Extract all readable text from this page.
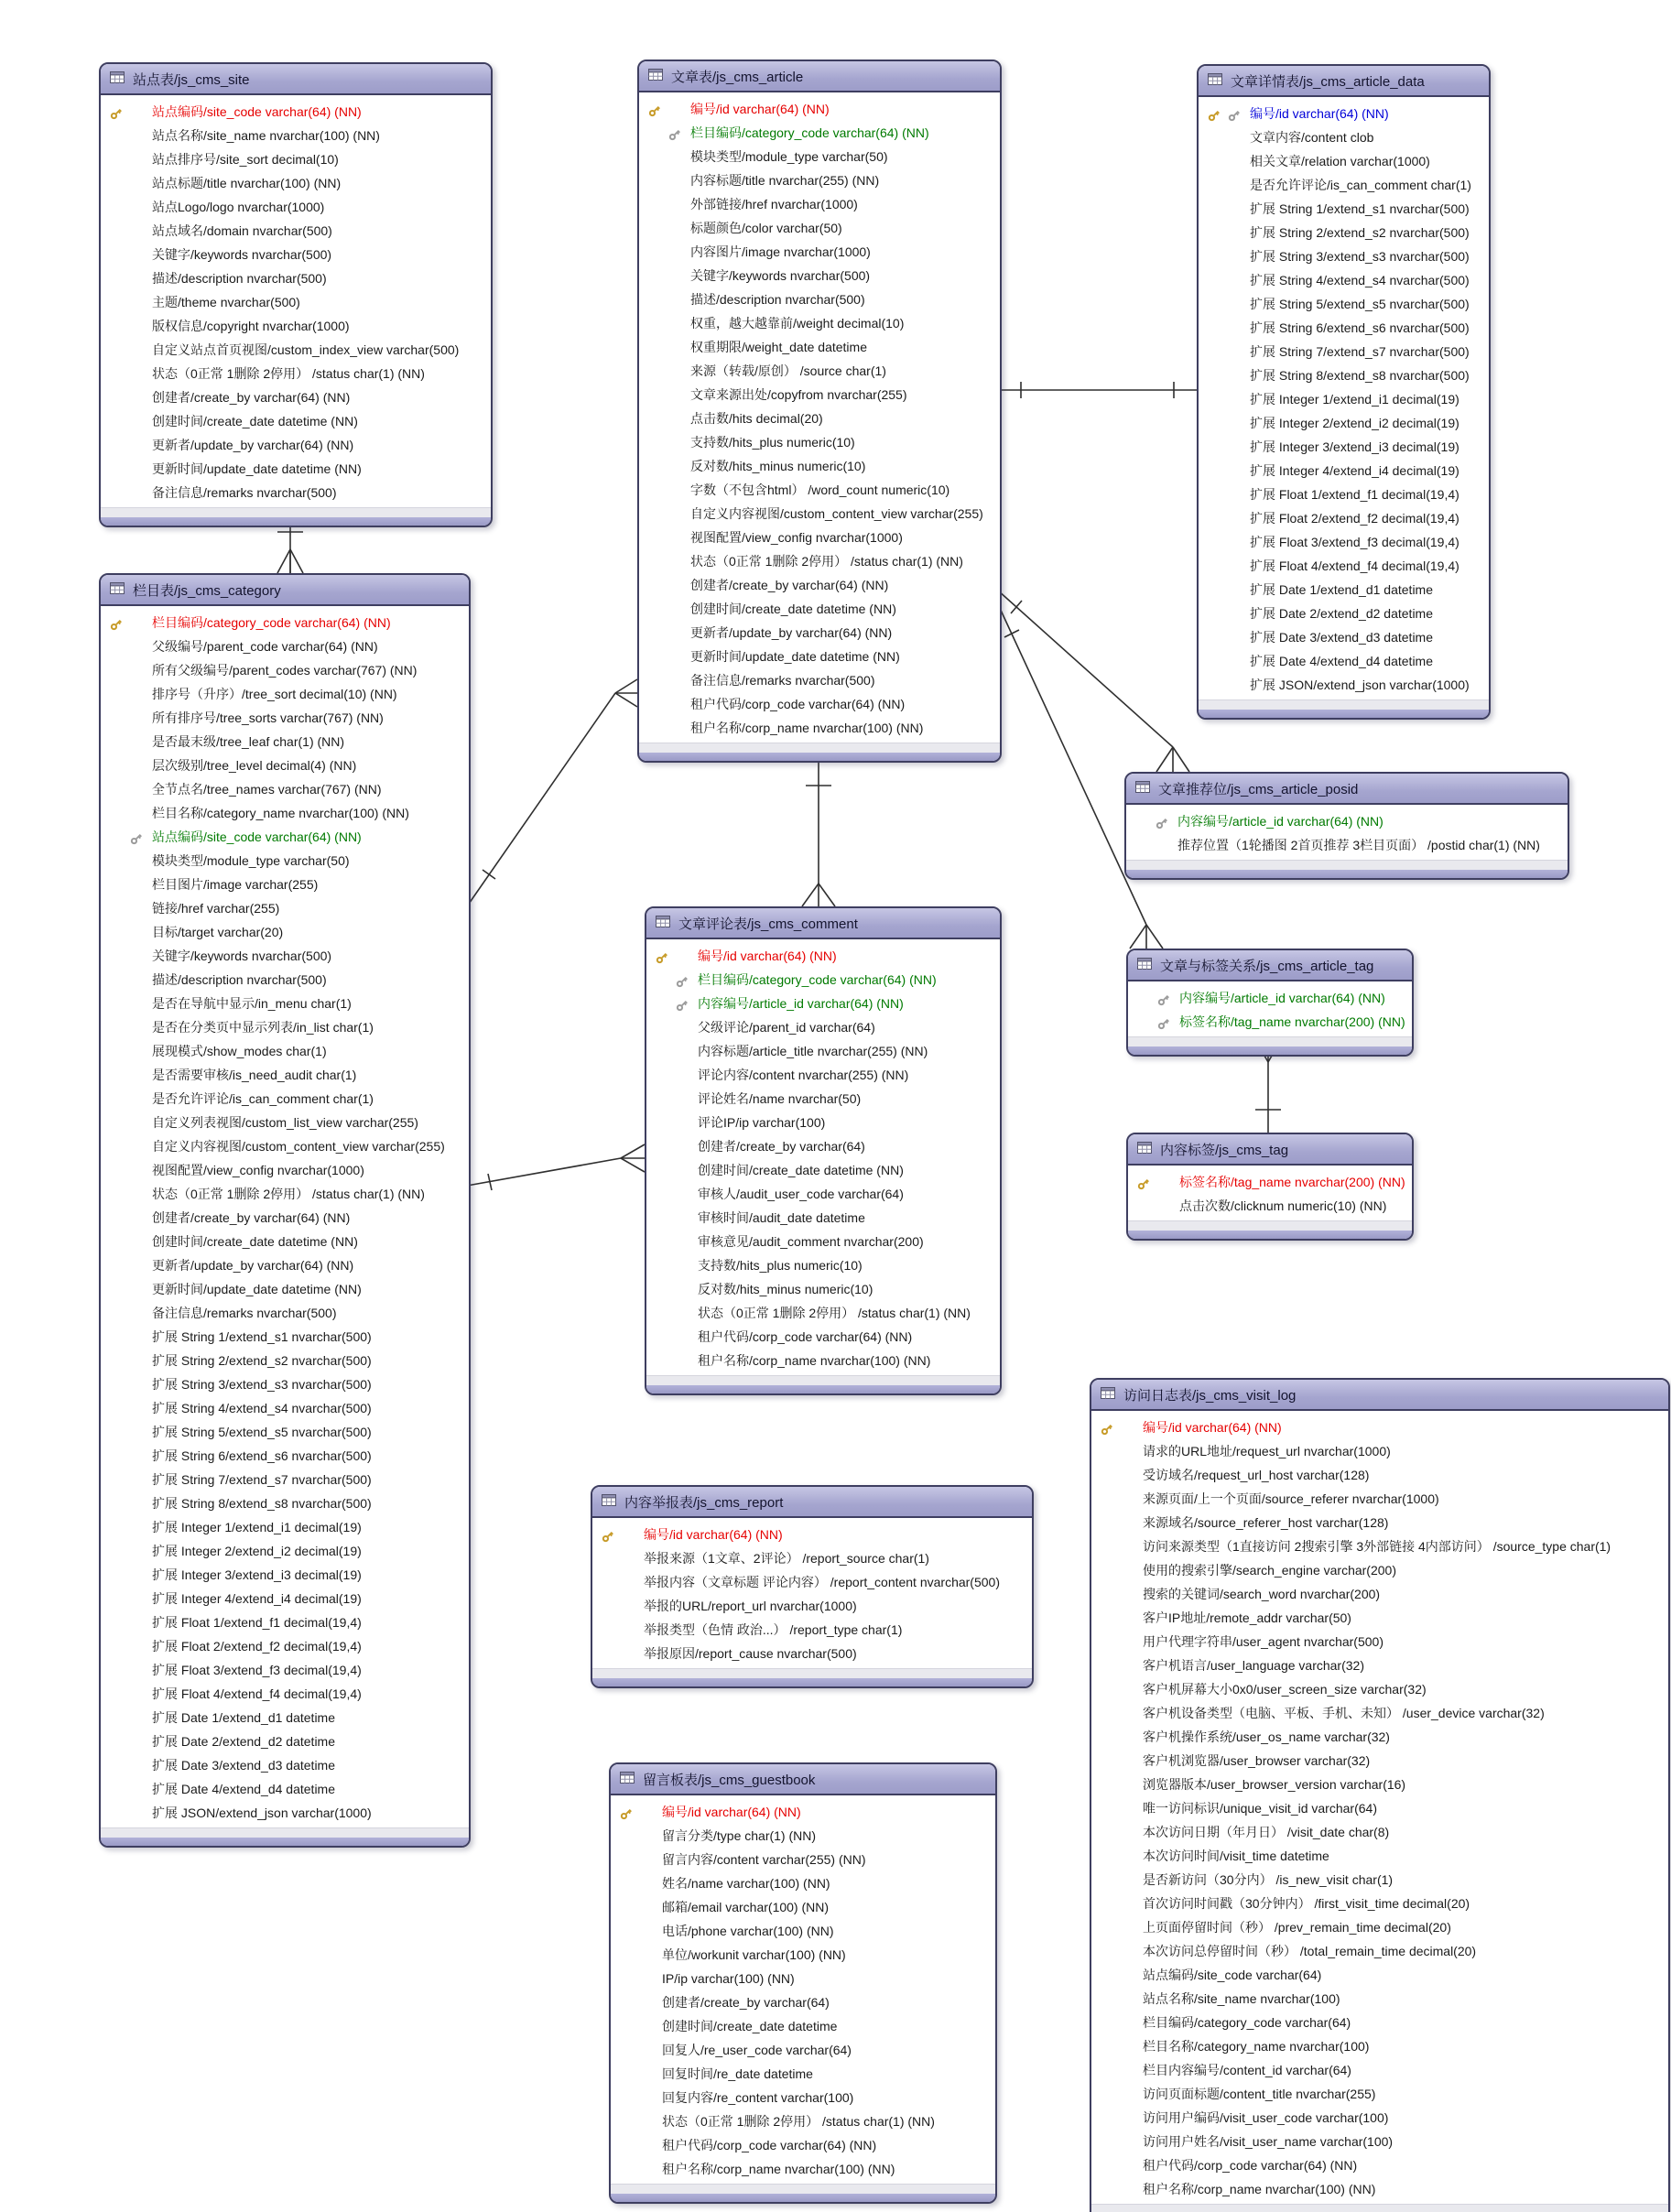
站点表/js_cms_site
站点编码/site_code varchar(64) (NN)
站点名称/site_name nvarchar(100) (NN)
站点排序号/site_sort decimal(10)
站点标题/title nvarchar(100) (NN)
站点Logo/logo nvarchar(1000)
站点域名/domain nvarchar(500)
关键字/keywords nvarchar(500)
描述/description nvarchar(500)
主题/theme nvarchar(500)
版权信息/copyright nvarchar(1000)
自定义站点首页视图/custom_index_view varchar(500)
状态（0正常 1删除 2停用） /status char(1) (NN)
创建者/create_by varchar(64) (NN)
创建时间/create_date datetime (NN)
更新者/update_by varchar(64) (NN)
更新时间/update_date datetime (NN)
备注信息/remarks nvarchar(500)
栏目表/js_cms_category
栏目编码/category_code varchar(64) (NN)
父级编号/parent_code varchar(64) (NN)
所有父级编号/parent_codes varchar(767) (NN)
排序号（升序）/tree_sort decimal(10) (NN)
所有排序号/tree_sorts varchar(767) (NN)
是否最末级/tree_leaf char(1) (NN)
层次级别/tree_level decimal(4) (NN)
全节点名/tree_names varchar(767) (NN)
栏目名称/category_name nvarchar(100) (NN)
站点编码/site_code varchar(64) (NN)
模块类型/module_type varchar(50)
栏目图片/image varchar(255)
链接/href varchar(255)
目标/target varchar(20)
关键字/keywords nvarchar(500)
描述/description nvarchar(500)
是否在导航中显示/in_menu char(1)
是否在分类页中显示列表/in_list char(1)
展现模式/show_modes char(1)
是否需要审核/is_need_audit char(1)
是否允许评论/is_can_comment char(1)
自定义列表视图/custom_list_view varchar(255)
自定义内容视图/custom_content_view varchar(255)
视图配置/view_config nvarchar(1000)
状态（0正常 1删除 2停用） /status char(1) (NN)
创建者/create_by varchar(64) (NN)
创建时间/create_date datetime (NN)
更新者/update_by varchar(64) (NN)
更新时间/update_date datetime (NN)
备注信息/remarks nvarchar(500)
扩展 String 1/extend_s1 nvarchar(500)
扩展 String 2/extend_s2 nvarchar(500)
扩展 String 3/extend_s3 nvarchar(500)
扩展 String 4/extend_s4 nvarchar(500)
扩展 String 5/extend_s5 nvarchar(500)
扩展 String 6/extend_s6 nvarchar(500)
扩展 String 7/extend_s7 nvarchar(500)
扩展 String 8/extend_s8 nvarchar(500)
扩展 Integer 1/extend_i1 decimal(19)
扩展 Integer 2/extend_i2 decimal(19)
扩展 Integer 3/extend_i3 decimal(19)
扩展 Integer 4/extend_i4 decimal(19)
扩展 Float 1/extend_f1 decimal(19,4)
扩展 Float 2/extend_f2 decimal(19,4)
扩展 Float 3/extend_f3 decimal(19,4)
扩展 Float 4/extend_f4 decimal(19,4)
扩展 Date 1/extend_d1 datetime
扩展 Date 2/extend_d2 datetime
扩展 Date 3/extend_d3 datetime
扩展 Date 4/extend_d4 datetime
扩展 JSON/extend_json varchar(1000)
文章表/js_cms_article
编号/id varchar(64) (NN)
栏目编码/category_code varchar(64) (NN)
模块类型/module_type varchar(50)
内容标题/title nvarchar(255) (NN)
外部链接/href nvarchar(1000)
标题颜色/color varchar(50)
内容图片/image nvarchar(1000)
关键字/keywords nvarchar(500)
描述/description nvarchar(500)
权重，越大越靠前/weight decimal(10)
权重期限/weight_date datetime
来源（转载/原创） /source char(1)
文章来源出处/copyfrom nvarchar(255)
点击数/hits decimal(20)
支持数/hits_plus numeric(10)
反对数/hits_minus numeric(10)
字数（不包含html） /word_count numeric(10)
自定义内容视图/custom_content_view varchar(255)
视图配置/view_config nvarchar(1000)
状态（0正常 1删除 2停用） /status char(1) (NN)
创建者/create_by varchar(64) (NN)
创建时间/create_date datetime (NN)
更新者/update_by varchar(64) (NN)
更新时间/update_date datetime (NN)
备注信息/remarks nvarchar(500)
租户代码/corp_code varchar(64) (NN)
租户名称/corp_name nvarchar(100) (NN)
文章详情表/js_cms_article_data
编号/id varchar(64) (NN)
文章内容/content clob
相关文章/relation varchar(1000)
是否允许评论/is_can_comment char(1)
扩展 String 1/extend_s1 nvarchar(500)
扩展 String 2/extend_s2 nvarchar(500)
扩展 String 3/extend_s3 nvarchar(500)
扩展 String 4/extend_s4 nvarchar(500)
扩展 String 5/extend_s5 nvarchar(500)
扩展 String 6/extend_s6 nvarchar(500)
扩展 String 7/extend_s7 nvarchar(500)
扩展 String 8/extend_s8 nvarchar(500)
扩展 Integer 1/extend_i1 decimal(19)
扩展 Integer 2/extend_i2 decimal(19)
扩展 Integer 3/extend_i3 decimal(19)
扩展 Integer 4/extend_i4 decimal(19)
扩展 Float 1/extend_f1 decimal(19,4)
扩展 Float 2/extend_f2 decimal(19,4)
扩展 Float 3/extend_f3 decimal(19,4)
扩展 Float 4/extend_f4 decimal(19,4)
扩展 Date 1/extend_d1 datetime
扩展 Date 2/extend_d2 datetime
扩展 Date 3/extend_d3 datetime
扩展 Date 4/extend_d4 datetime
扩展 JSON/extend_json varchar(1000)
文章推荐位/js_cms_article_posid
内容编号/article_id varchar(64) (NN)
推荐位置（1轮播图 2首页推荐 3栏目页面） /postid char(1) (NN)
文章与标签关系/js_cms_article_tag
内容编号/article_id varchar(64) (NN)
标签名称/tag_name nvarchar(200) (NN)
内容标签/js_cms_tag
标签名称/tag_name nvarchar(200) (NN)
点击次数/clicknum numeric(10) (NN)
文章评论表/js_cms_comment
编号/id varchar(64) (NN)
栏目编码/category_code varchar(64) (NN)
内容编号/article_id varchar(64) (NN)
父级评论/parent_id varchar(64)
内容标题/article_title nvarchar(255) (NN)
评论内容/content nvarchar(255) (NN)
评论姓名/name nvarchar(50)
评论IP/ip varchar(100)
创建者/create_by varchar(64)
创建时间/create_date datetime (NN)
审核人/audit_user_code varchar(64)
审核时间/audit_date datetime
审核意见/audit_comment nvarchar(200)
支持数/hits_plus numeric(10)
反对数/hits_minus numeric(10)
状态（0正常 1删除 2停用） /status char(1) (NN)
租户代码/corp_code varchar(64) (NN)
租户名称/corp_name nvarchar(100) (NN)
内容举报表/js_cms_report
编号/id varchar(64) (NN)
举报来源（1文章、2评论） /report_source char(1)
举报内容（文章标题 评论内容） /report_content nvarchar(500)
举报的URL/report_url nvarchar(1000)
举报类型（色情 政治...） /report_type char(1)
举报原因/report_cause nvarchar(500)
留言板表/js_cms_guestbook
编号/id varchar(64) (NN)
留言分类/type char(1) (NN)
留言内容/content varchar(255) (NN)
姓名/name varchar(100) (NN)
邮箱/email varchar(100) (NN)
电话/phone varchar(100) (NN)
单位/workunit varchar(100) (NN)
IP/ip varchar(100) (NN)
创建者/create_by varchar(64)
创建时间/create_date datetime
回复人/re_user_code varchar(64)
回复时间/re_date datetime
回复内容/re_content varchar(100)
状态（0正常 1删除 2停用） /status char(1) (NN)
租户代码/corp_code varchar(64) (NN)
租户名称/corp_name nvarchar(100) (NN)
访问日志表/js_cms_visit_log
编号/id varchar(64) (NN)
请求的URL地址/request_url nvarchar(1000)
受访域名/request_url_host varchar(128)
来源页面/上一个页面/source_referer nvarchar(1000)
来源域名/source_referer_host varchar(128)
访问来源类型（1直接访问 2搜索引擎 3外部链接 4内部访问） /source_type char(1)
使用的搜索引擎/search_engine varchar(200)
搜索的关键词/search_word nvarchar(200)
客户IP地址/remote_addr varchar(50)
用户代理字符串/user_agent nvarchar(500)
客户机语言/user_language varchar(32)
客户机屏幕大小0x0/user_screen_size varchar(32)
客户机设备类型（电脑、平板、手机、未知） /user_device varchar(32)
客户机操作系统/user_os_name varchar(32)
客户机浏览器/user_browser varchar(32)
浏览器版本/user_browser_version varchar(16)
唯一访问标识/unique_visit_id varchar(64)
本次访问日期（年月日） /visit_date char(8)
本次访问时间/visit_time datetime
是否新访问（30分内） /is_new_visit char(1)
首次访问时间戳（30分钟内） /first_visit_time decimal(20)
上页面停留时间（秒） /prev_remain_time decimal(20)
本次访问总停留时间（秒） /total_remain_time decimal(20)
站点编码/site_code varchar(64)
站点名称/site_name nvarchar(100)
栏目编码/category_code varchar(64)
栏目名称/category_name nvarchar(100)
栏目内容编号/content_id varchar(64)
访问页面标题/content_title nvarchar(255)
访问用户编码/visit_user_code varchar(100)
访问用户姓名/visit_user_name varchar(100)
租户代码/corp_code varchar(64) (NN)
租户名称/corp_name nvarchar(100) (NN)
